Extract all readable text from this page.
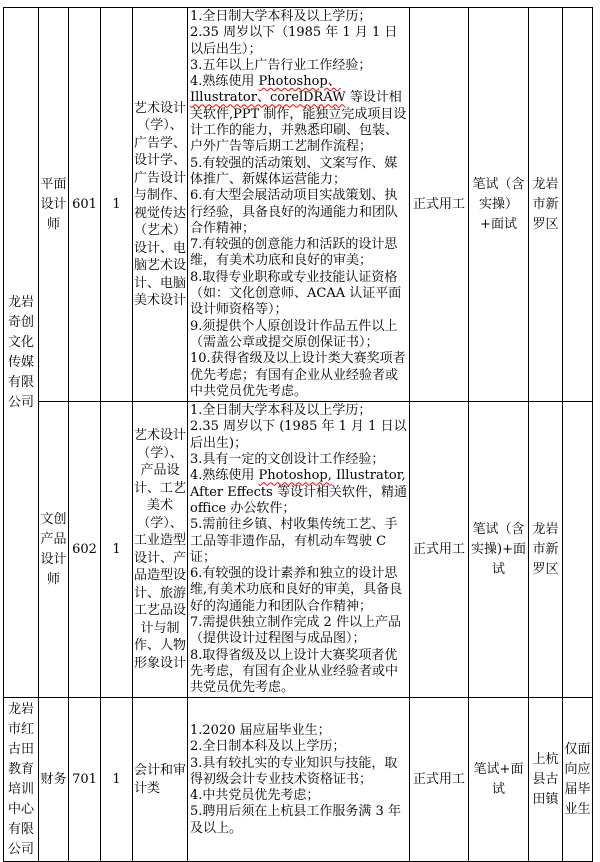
龙岩奇创文化传媒有限公司	平面设计师	601	1	艺术设计（学）、广告学、设计学、广告设计与制作、视觉传达（艺术）设计、电脑艺术设计、电脑美术设计	
1.全日制大学本科及以上学历；
2.35 周岁以下（1985 年 1 月 1 日以后出生）；
3.五年以上广告行业工作经验；
4.熟练使用 Photoshop、Illustrator、corelDRAW 等设计相关软件,PPT 制作，能独立完成项目设计工作的能力，并熟悉印刷、包装、户外广告等后期工艺制作流程；
5.有较强的活动策划、文案写作、媒体推广、新媒体运营能力；
6.有大型会展活动项目实战策划、执行经验，具备良好的沟通能力和团队合作精神；
7.有较强的创意能力和活跃的设计思维，有美术功底和良好的审美；
8.取得专业职称或专业技能认证资格（如：文化创意师、ACAA 认证平面设计师资格等）；
9.须提供个人原创设计作品五件以上（需盖公章或提交原创保证书）；
10.获得省级及以上设计类大赛奖项者优先考虑；有国有企业从业经验者或中共党员优先考虑。
	正式用工	笔试（含实操）+面试	龙岩市新罗区	
文创产品设计师	602	1	艺术设计（学）、产品设计、工艺美术（学）、工业造型设计、产品造型设计、旅游工艺品设计与制作、人物形象设计	
1.全日制大学本科及以上学历；
2.35 周岁以下 (1985 年 1 月 1 日以后出生)；
3.具有一定的文创设计工作经验；
4.熟练使用 Photoshop, Illustrator, After Effects 等设计相关软件，精通 office 办公软件；
5.需前往乡镇、村收集传统工艺、手工品等非遗作品，有机动车驾驶 C 证；
6.有较强的设计素养和独立的设计思维,有美术功底和良好的审美，具备良好的沟通能力和团队合作精神；
7.需提供独立制作完成 2 件以上产品（提供设计过程图与成品图）；
8.取得省级及以上设计大赛奖项者优先考虑，有国有企业从业经验者或中共党员优先考虑。
	正式用工	笔试（含实操)+面试	龙岩市新罗区	
龙岩市红古田教育培训中心有限公司	财务	701	1	会计和审计类	1.2020 届应届毕业生；
2.全日制本科及以上学历；
3.具有较扎实的专业知识与技能，取得初级会计专业技术资格证书；
4.中共党员优先考虑；
5.聘用后须在上杭县工作服务满 3 年及以上。	正式用工	笔试+面试	上杭县古田镇	仅面向应届毕业生
